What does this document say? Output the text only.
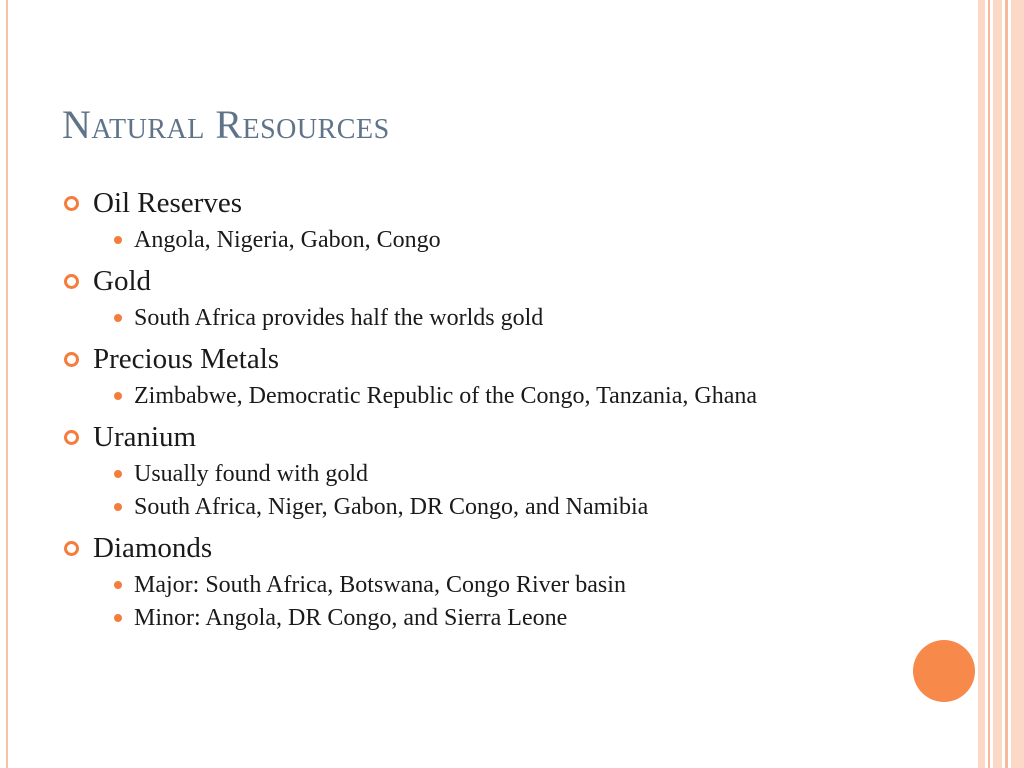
Natural Resources
Oil Reserves
Angola, Nigeria, Gabon, Congo
Gold
South Africa provides half the worlds gold
Precious Metals
Zimbabwe, Democratic Republic of the Congo, Tanzania, Ghana
Uranium
Usually found with gold
South Africa, Niger, Gabon, DR Congo, and Namibia
Diamonds
Major: South Africa, Botswana, Congo River basin
Minor: Angola, DR Congo, and Sierra Leone
